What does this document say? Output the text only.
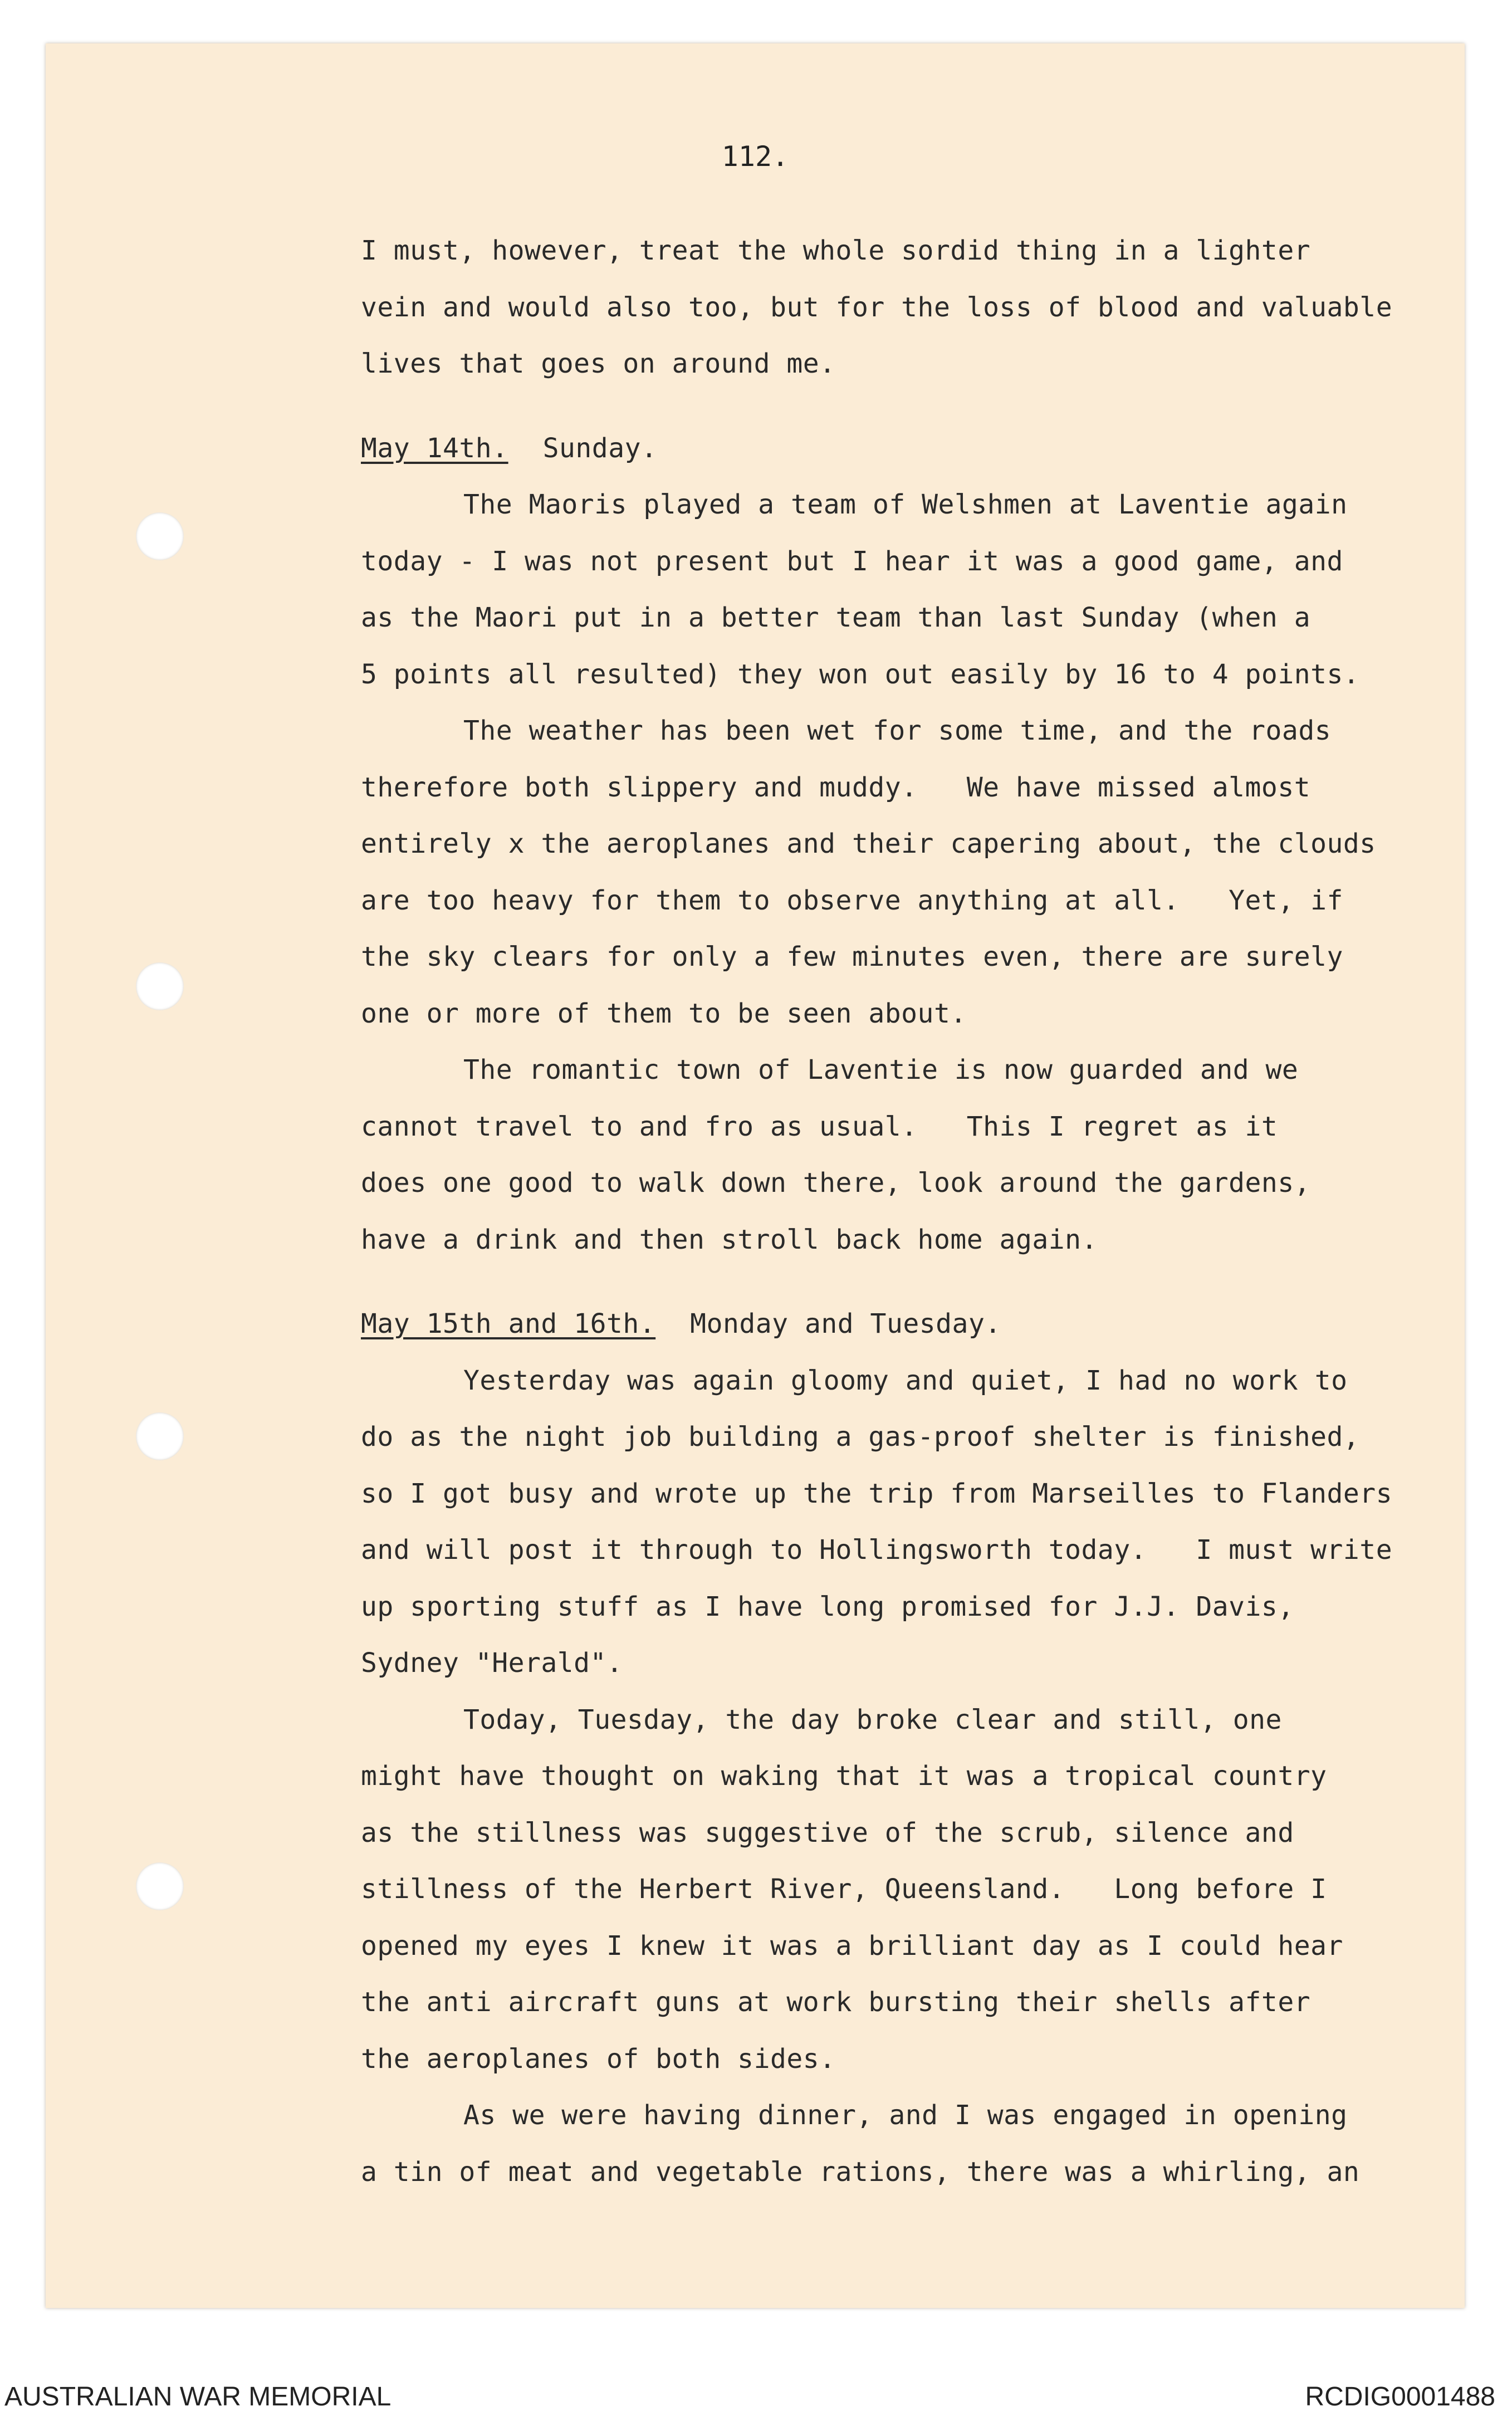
112.
I must, however, treat the whole sordid thing in a lighter
vein and would also too, but for the loss of blood and valuable
lives that goes on around me.
May 14th. Sunday.
The Maoris played a team of Welshmen at Laventie again
today - I was not present but I hear it was a good game, and
as the Maori put in a better team than last Sunday (when a
5 points all resulted) they won out easily by 16 to 4 points.
The weather has been wet for some time, and the roads
therefore both slippery and muddy.   We have missed almost
entirely x the aeroplanes and their capering about, the clouds
are too heavy for them to observe anything at all.   Yet, if
the sky clears for only a few minutes even, there are surely
one or more of them to be seen about.
The romantic town of Laventie is now guarded and we
cannot travel to and fro as usual.   This I regret as it
does one good to walk down there, look around the gardens,
have a drink and then stroll back home again.
May 15th and 16th. Monday and Tuesday.
Yesterday was again gloomy and quiet, I had no work to
do as the night job building a gas-proof shelter is finished,
so I got busy and wrote up the trip from Marseilles to Flanders
and will post it through to Hollingsworth today.   I must write
up sporting stuff as I have long promised for J.J. Davis,
Sydney "Herald".
Today, Tuesday, the day broke clear and still, one
might have thought on waking that it was a tropical country
as the stillness was suggestive of the scrub, silence and
stillness of the Herbert River, Queensland.   Long before I
opened my eyes I knew it was a brilliant day as I could hear
the anti aircraft guns at work bursting their shells after
the aeroplanes of both sides.
As we were having dinner, and I was engaged in opening
a tin of meat and vegetable rations, there was a whirling, an
AUSTRALIAN WAR MEMORIAL	RCDIG0001488
